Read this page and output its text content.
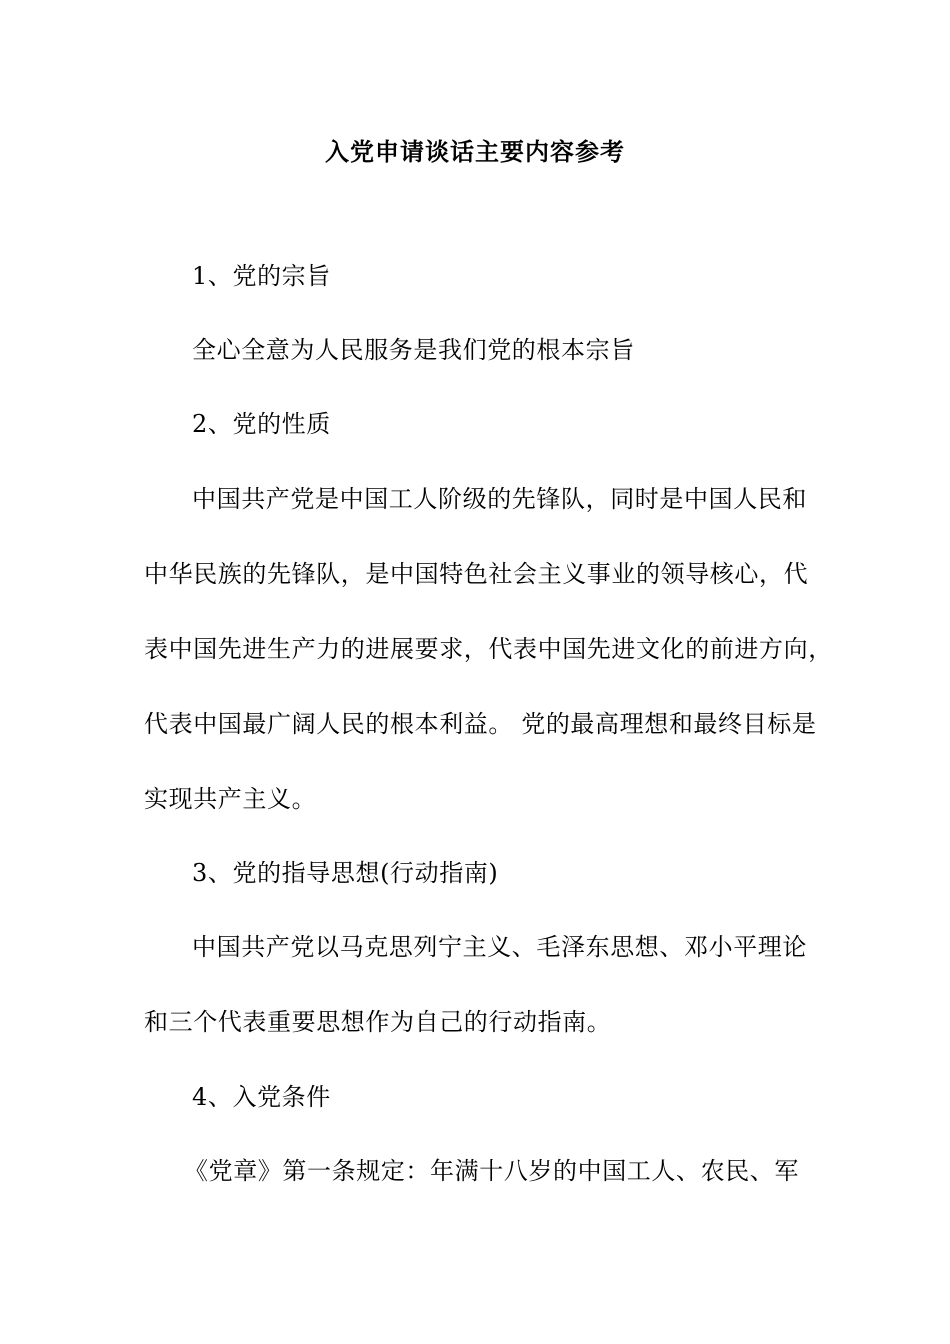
入党申请谈话主要内容参考
1、党的宗旨
全心全意为人民服务是我们党的根本宗旨
2、党的性质
中国共产党是中国工人阶级的先锋队，同时是中国人民和
中华民族的先锋队，是中国特色社会主义事业的领导核心，代
表中国先进生产力的进展要求，代表中国先进文化的前进方向，
代表中国最广阔人民的根本利益。 党的最高理想和最终目标是
实现共产主义。
3、党的指导思想(行动指南)
中国共产党以马克思列宁主义、毛泽东思想、邓小平理论
和三个代表重要思想作为自己的行动指南。
4、入党条件
《党章》第一条规定：年满十八岁的中国工人、农民、军
